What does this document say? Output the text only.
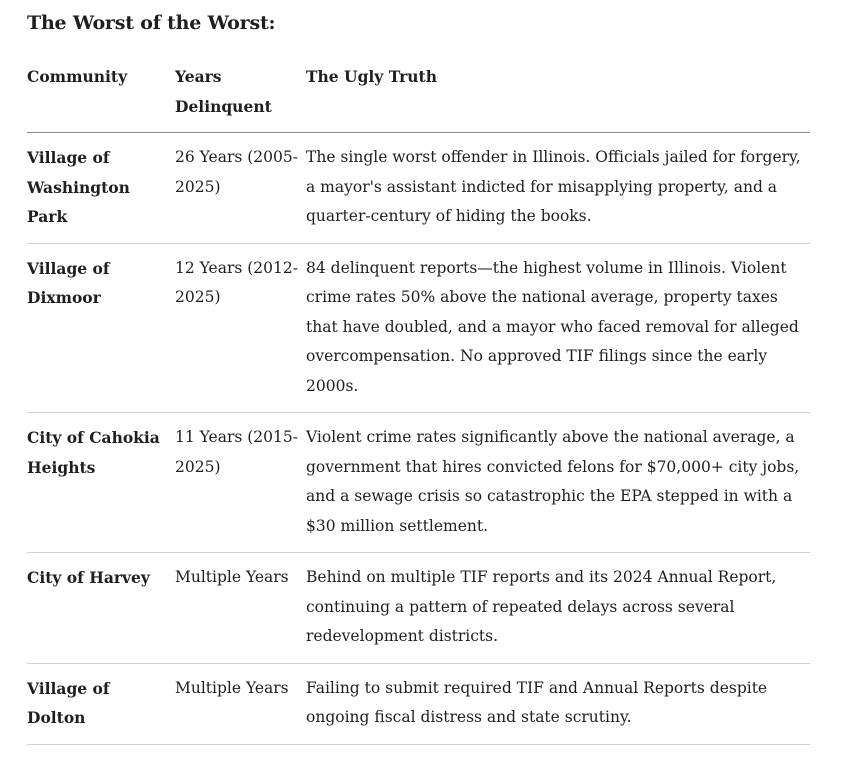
The Worst of the Worst:
Community	Years Delinquent	The Ugly Truth
Village of Washington Park	26 Years (2005-2025)	The single worst offender in Illinois. Officials jailed for forgery, a mayor's assistant indicted for misapplying property, and a quarter-century of hiding the books.
Village of Dixmoor	12 Years (2012-2025)	84 delinquent reports—the highest volume in Illinois. Violent crime rates 50% above the national average, property taxes that have doubled, and a mayor who faced removal for alleged overcompensation. No approved TIF filings since the early 2000s.
City of Cahokia Heights	11 Years (2015-2025)	Violent crime rates significantly above the national average, a government that hires convicted felons for $70,000+ city jobs, and a sewage crisis so catastrophic the EPA stepped in with a $30 million settlement.
City of Harvey	Multiple Years	Behind on multiple TIF reports and its 2024 Annual Report, continuing a pattern of repeated delays across several redevelopment districts.
Village of Dolton	Multiple Years	Failing to submit required TIF and Annual Reports despite ongoing fiscal distress and state scrutiny.
